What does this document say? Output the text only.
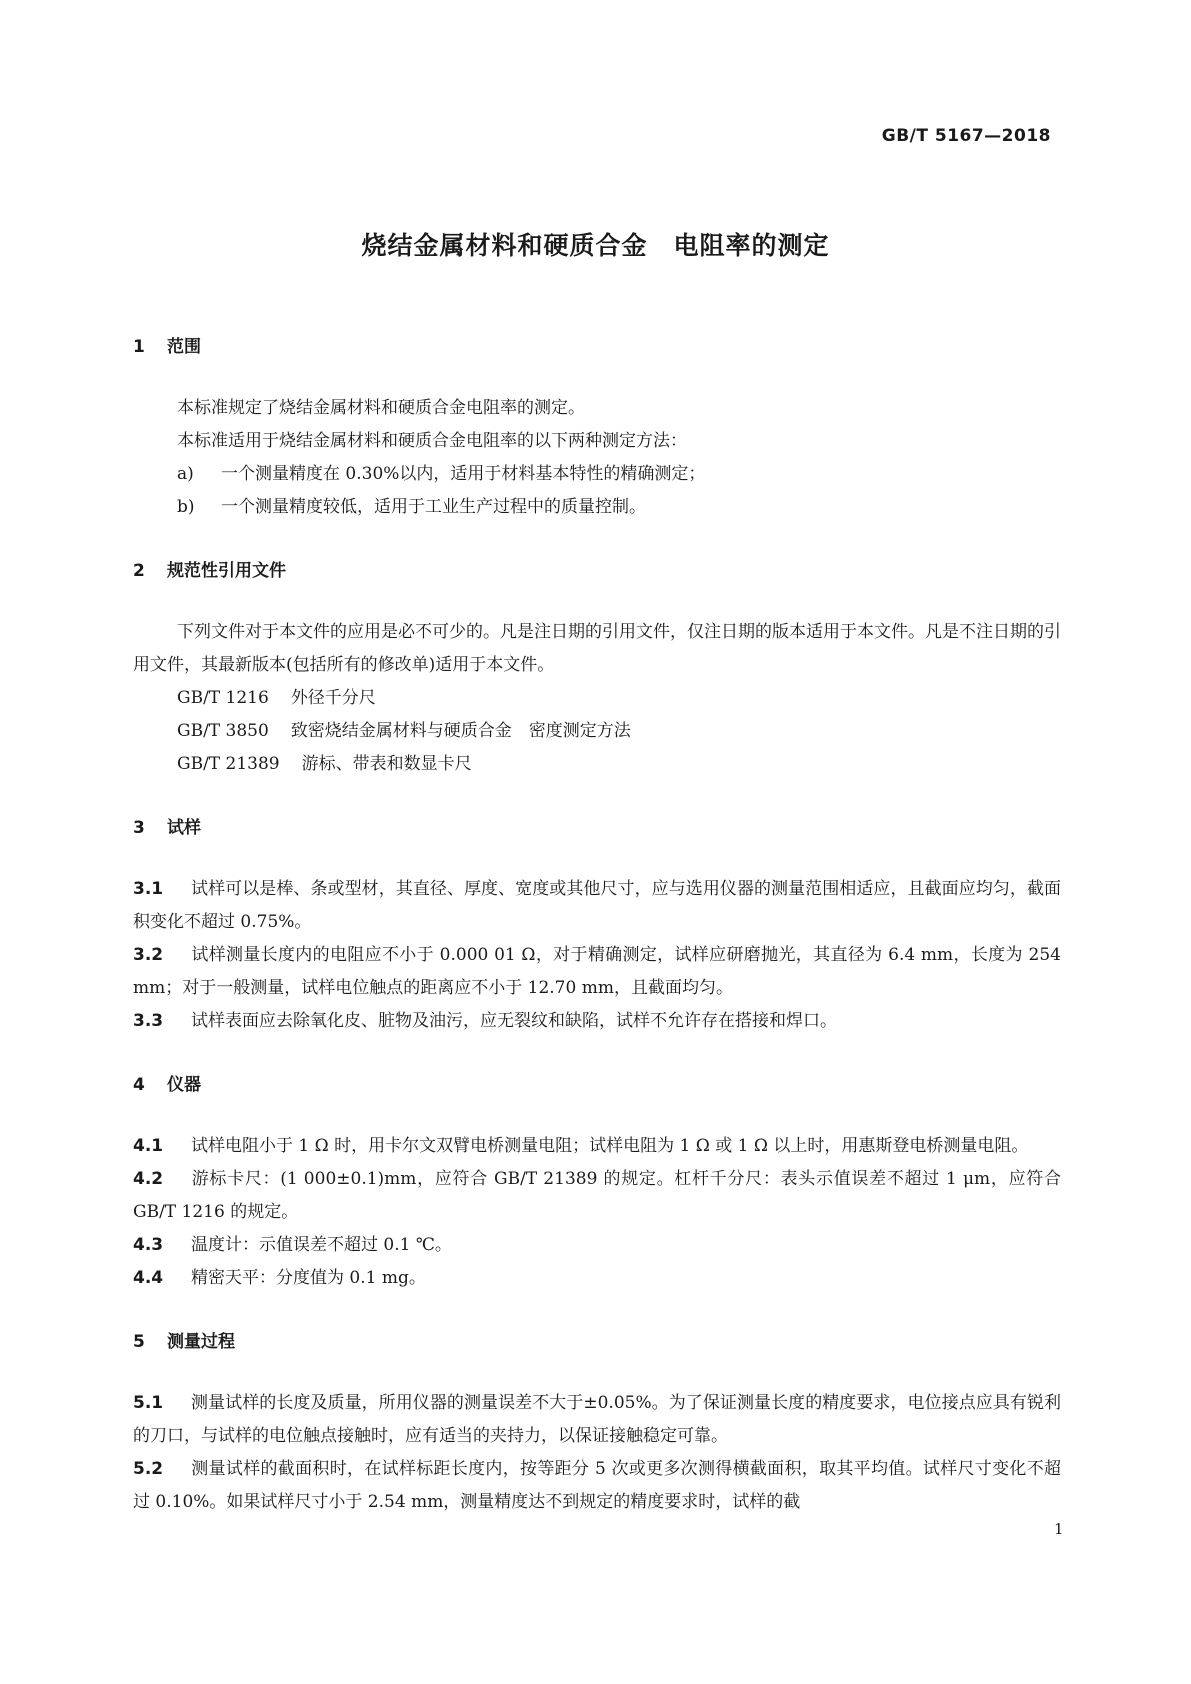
GB/T 5167—2018
烧结金属材料和硬质合金　电阻率的测定
1 范围
本标准规定了烧结金属材料和硬质合金电阻率的测定。
本标准适用于烧结金属材料和硬质合金电阻率的以下两种测定方法：
a) 一个测量精度在 0.30%以内，适用于材料基本特性的精确测定；
b) 一个测量精度较低，适用于工业生产过程中的质量控制。
2 规范性引用文件
下列文件对于本文件的应用是必不可少的。凡是注日期的引用文件，仅注日期的版本适用于本文件。凡是不注日期的引用文件，其最新版本(包括所有的修改单)适用于本文件。
GB/T 1216 外径千分尺
GB/T 3850 致密烧结金属材料与硬质合金　密度测定方法
GB/T 21389 游标、带表和数显卡尺
3 试样
3.1 试样可以是棒、条或型材，其直径、厚度、宽度或其他尺寸，应与选用仪器的测量范围相适应，且截面应均匀，截面积变化不超过 0.75%。
3.2 试样测量长度内的电阻应不小于 0.000 01 Ω，对于精确测定，试样应研磨抛光，其直径为 6.4 mm，长度为 254 mm；对于一般测量，试样电位触点的距离应不小于 12.70 mm，且截面均匀。
3.3 试样表面应去除氧化皮、脏物及油污，应无裂纹和缺陷，试样不允许存在搭接和焊口。
4 仪器
4.1 试样电阻小于 1 Ω 时，用卡尔文双臂电桥测量电阻；试样电阻为 1 Ω 或 1 Ω 以上时，用惠斯登电桥测量电阻。
4.2 游标卡尺：(1 000±0.1)mm，应符合 GB/T 21389 的规定。杠杆千分尺：表头示值误差不超过 1 μm，应符合 GB/T 1216 的规定。
4.3 温度计：示值误差不超过 0.1 ℃。
4.4 精密天平：分度值为 0.1 mg。
5 测量过程
5.1 测量试样的长度及质量，所用仪器的测量误差不大于±0.05%。为了保证测量长度的精度要求，电位接点应具有锐利的刀口，与试样的电位触点接触时，应有适当的夹持力，以保证接触稳定可靠。
5.2 测量试样的截面积时，在试样标距长度内，按等距分 5 次或更多次测得横截面积，取其平均值。试样尺寸变化不超过 0.10%。如果试样尺寸小于 2.54 mm，测量精度达不到规定的精度要求时，试样的截
1
